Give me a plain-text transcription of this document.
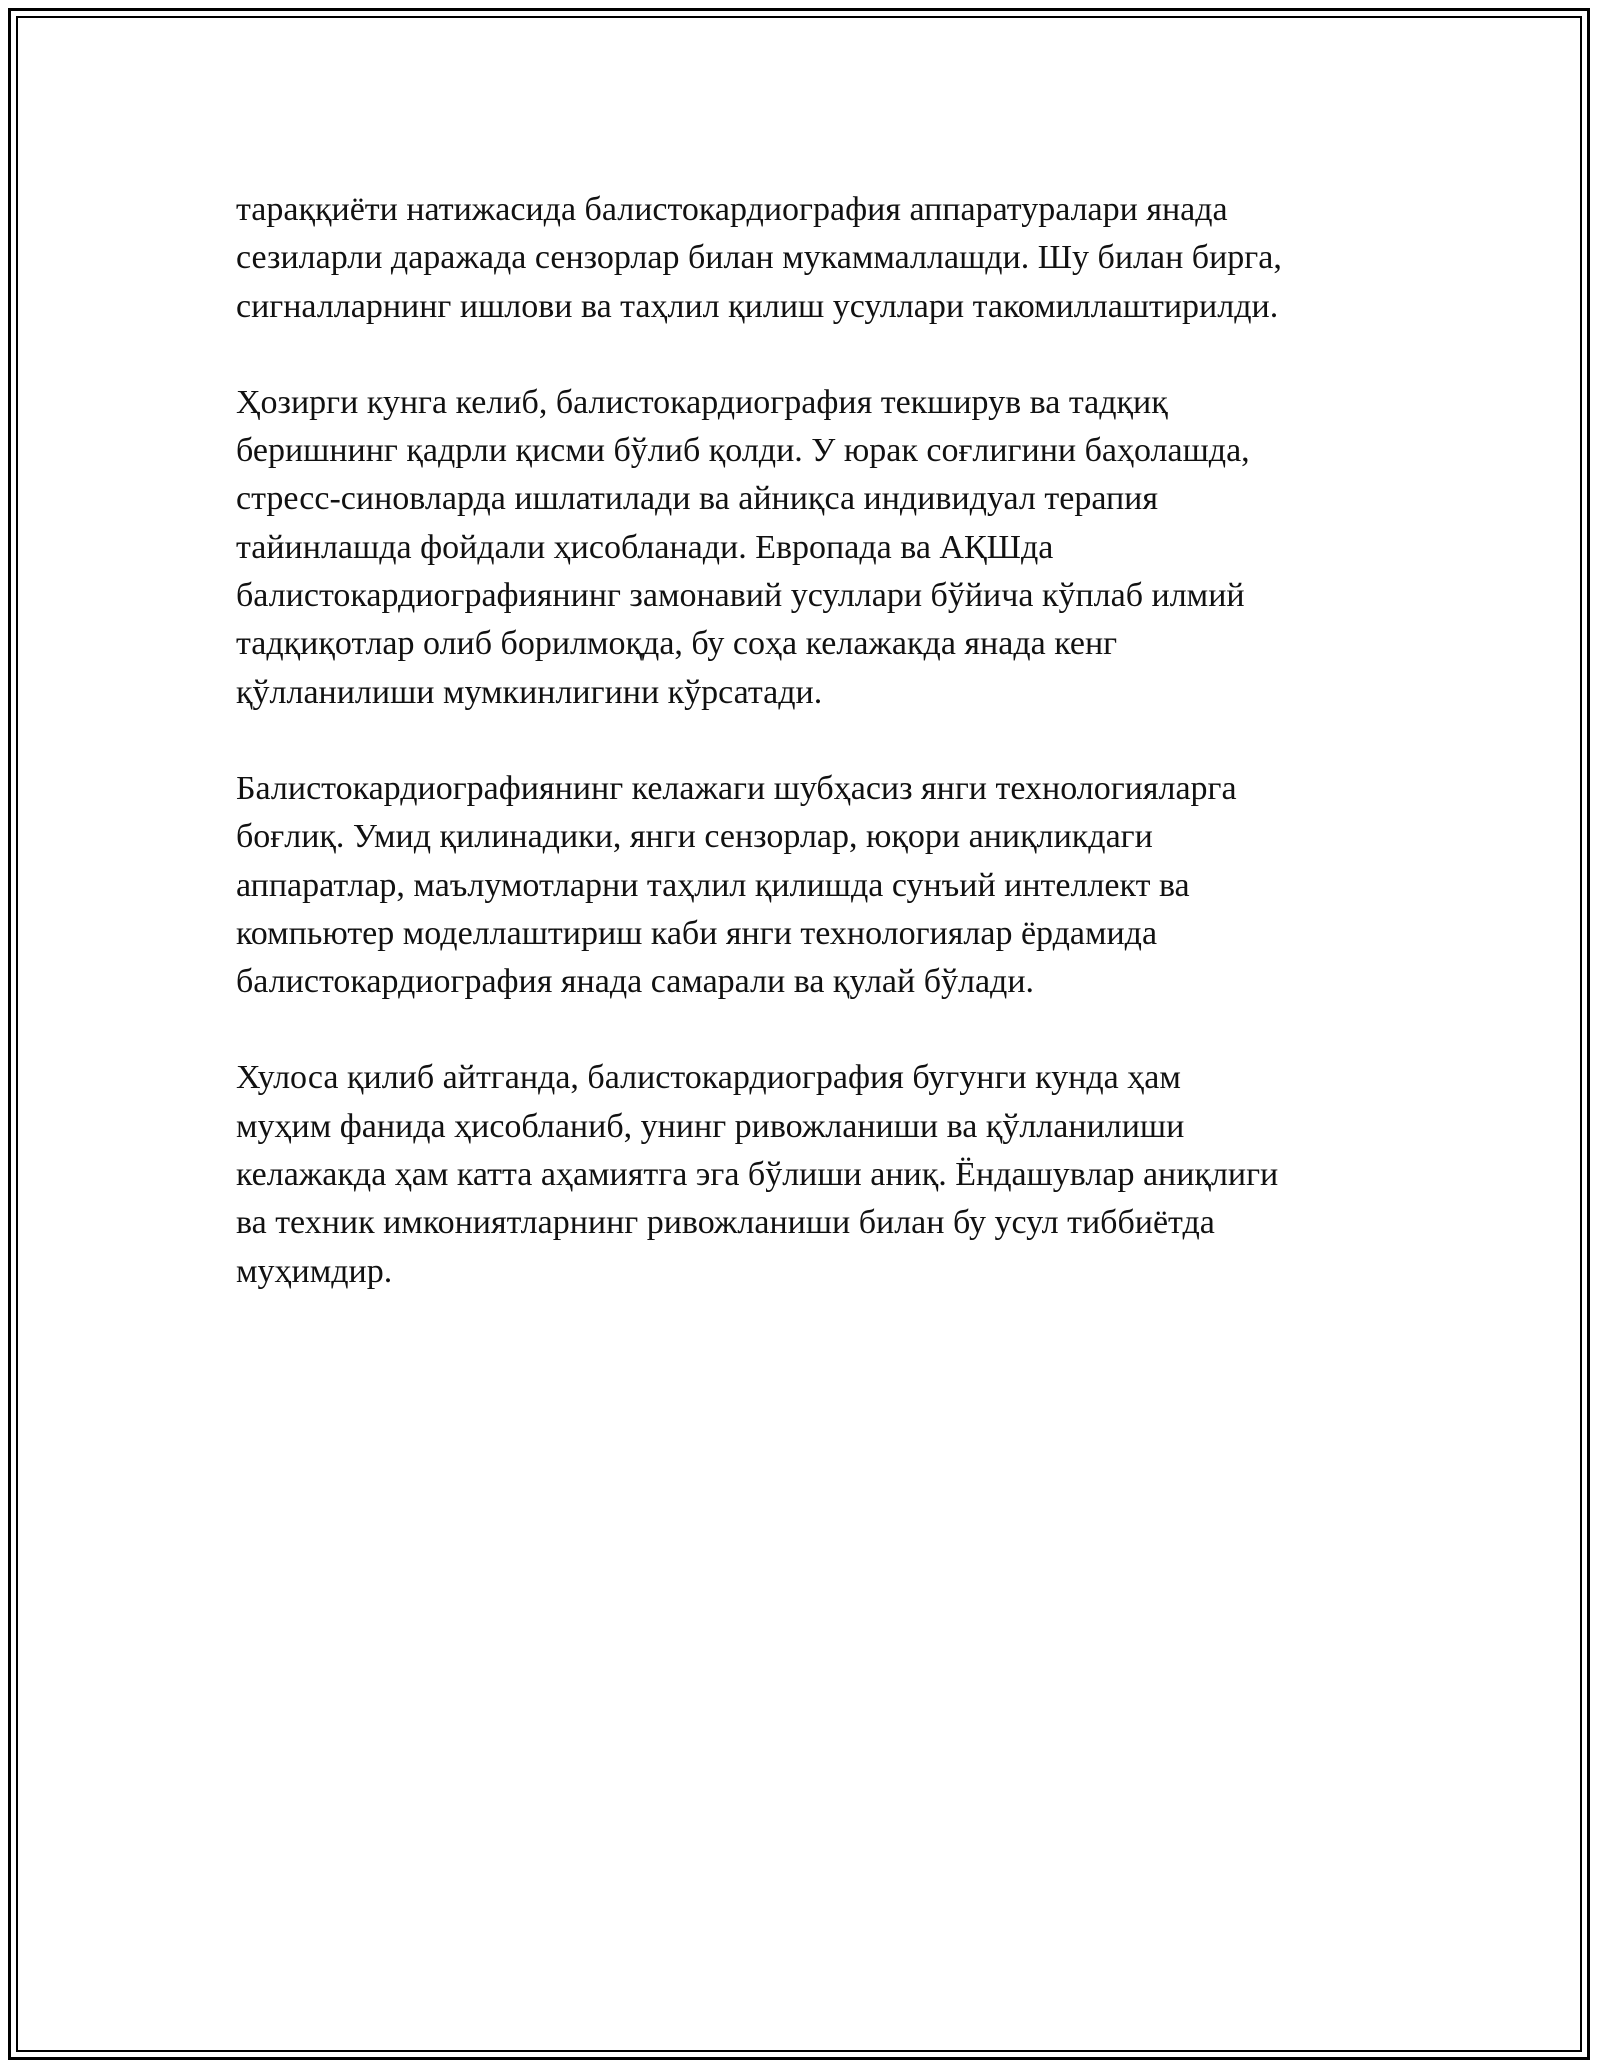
тараққиёти натижасида балистокардиография аппаратуралари янада
сезиларли даражада сензорлар билан мукаммаллашди. Шу билан бирга,
сигналларнинг ишлови ва таҳлил қилиш усуллари такомиллаштирилди.

Ҳозирги кунга келиб, балистокардиография текширув ва тадқиқ
беришнинг қадрли қисми бўлиб қолди. У юрак соғлигини баҳолашда,
стресс-синовларда ишлатилади ва айниқса индивидуал терапия
тайинлашда фойдали ҳисобланади. Европада ва АҚШда
балистокардиографиянинг замонавий усуллари бўйича кўплаб илмий
тадқиқотлар олиб борилмоқда, бу соҳа келажакда янада кенг
қўлланилиши мумкинлигини кўрсатади.

Балистокардиографиянинг келажаги шубҳасиз янги технологияларга
боғлиқ. Умид қилинадики, янги сензорлар, юқори аниқликдаги
аппаратлар, маълумотларни таҳлил қилишда сунъий интеллект ва
компьютер моделлаштириш каби янги технологиялар ёрдамида
балистокардиография янада самарали ва қулай бўлади.

Хулоса қилиб айтганда, балистокардиография бугунги кунда ҳам
муҳим фанида ҳисобланиб, унинг ривожланиши ва қўлланилиши
келажакда ҳам катта аҳамиятга эга бўлиши аниқ. Ёндашувлар аниқлиги
ва техник имкониятларнинг ривожланиши билан бу усул тиббиётда
муҳимдир.
